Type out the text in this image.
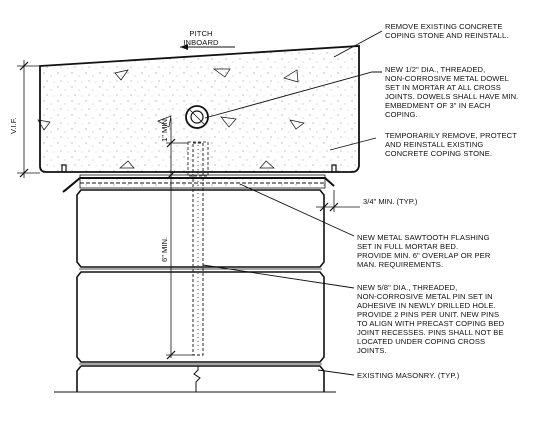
PITCH
INBOARD
V.I.F.	1" MIN.
6" MIN.
3/4" MIN. (TYP.)
REMOVE EXISTING CONCRETE
COPING STONE AND REINSTALL.
NEW 1/2" DIA., THREADED,
NON-CORROSIVE METAL DOWEL
SET IN MORTAR AT ALL CROSS
JOINTS. DOWELS SHALL HAVE MIN.
EMBEDMENT OF 3" IN EACH
COPING.
TEMPORARILY REMOVE, PROTECT
AND REINSTALL EXISTING
CONCRETE COPING STONE.
NEW METAL SAWTOOTH FLASHING
SET IN FULL MORTAR BED.
PROVIDE MIN. 6" OVERLAP OR PER
MAN. REQUIREMENTS.
NEW 5/8" DIA., THREADED,
NON-CORROSIVE METAL PIN SET IN
ADHESIVE IN NEWLY DRILLED HOLE.
PROVIDE 2 PINS PER UNIT. NEW PINS
TO ALIGN WITH PRECAST COPING BED
JOINT RECESSES. PINS SHALL NOT BE
LOCATED UNDER COPING CROSS
JOINTS.
EXISTING MASONRY. (TYP.)
